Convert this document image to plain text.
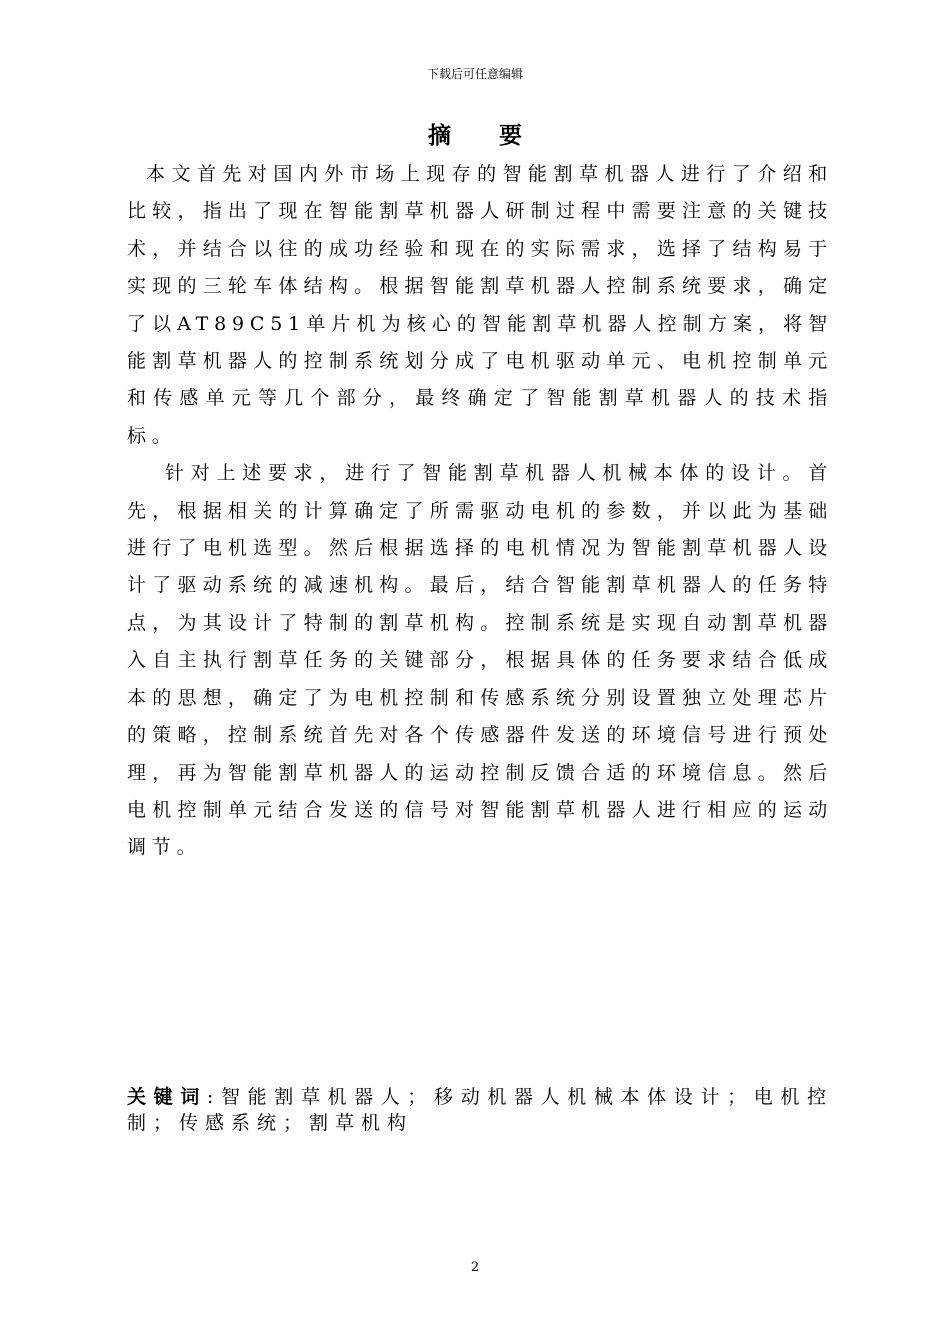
下载后可任意编辑
摘 要

本文首先对国内外市场上现存的智能割草机器人进行了介绍和比较，指出了现在智能割草机器人研制过程中需要注意的关键技术，并结合以往的成功经验和现在的实际需求，选择了结构易于实现的三轮车体结构。根据智能割草机器人控制系统要求，确定了以AT89C51单片机为核心的智能割草机器人控制方案，将智能割草机器人的控制系统划分成了电机驱动单元、电机控制单元和传感单元等几个部分，最终确定了智能割草机器人的技术指标。

针对上述要求，进行了智能割草机器人机械本体的设计。首先，根据相关的计算确定了所需驱动电机的参数，并以此为基础进行了电机选型。然后根据选择的电机情况为智能割草机器人设计了驱动系统的减速机构。最后，结合智能割草机器人的任务特点，为其设计了特制的割草机构。控制系统是实现自动割草机器入自主执行割草任务的关键部分，根据具体的任务要求结合低成本的思想，确定了为电机控制和传感系统分别设置独立处理芯片的策略，控制系统首先对各个传感器件发送的环境信号进行预处理，再为智能割草机器人的运动控制反馈合适的环境信息。然后电机控制单元结合发送的信号对智能割草机器人进行相应的运动调节。

关键词:智能割草机器人；移动机器人机械本体设计；电机控制；传感系统；割草机构
2
